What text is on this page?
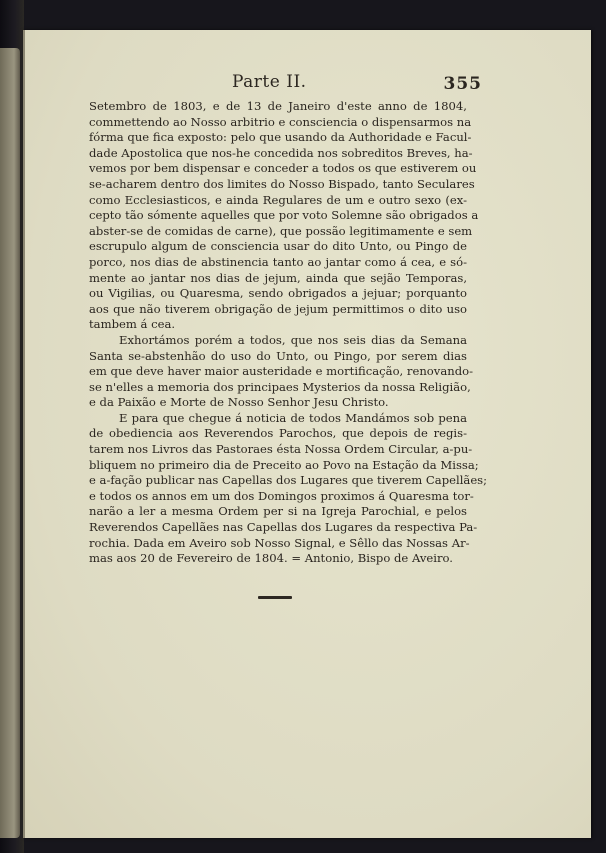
Parte II.	355
Setembro de 1803, e de 13 de Janeiro d'este anno de 1804,
commettendo ao Nosso arbitrio e consciencia o dispensarmos na
fórma que fica exposto: pelo que usando da Authoridade e Facul-
dade Apostolica que nos-he concedida nos sobreditos Breves, ha-
vemos por bem dispensar e conceder a todos os que estiverem ou
se-acharem dentro dos limites do Nosso Bispado, tanto Seculares
como Ecclesiasticos, e ainda Regulares de um e outro sexo (ex-
cepto tão sómente aquelles que por voto Solemne são obrigados a
abster-se de comidas de carne), que possão legitimamente e sem
escrupulo algum de consciencia usar do dito Unto, ou Pingo de
porco, nos dias de abstinencia tanto ao jantar como á cea, e só-
mente ao jantar nos dias de jejum, ainda que sejão Temporas,
ou Vigilias, ou Quaresma, sendo obrigados a jejuar; porquanto
aos que não tiverem obrigação de jejum permittimos o dito uso
tambem á cea.
Exhortámos porém a todos, que nos seis dias da Semana
Santa se-abstenhão do uso do Unto, ou Pingo, por serem dias
em que deve haver maior austeridade e mortificação, renovando-
se n'elles a memoria dos principaes Mysterios da nossa Religião,
e da Paixão e Morte de Nosso Senhor Jesu Christo.
E para que chegue á noticia de todos Mandámos sob pena
de obediencia aos Reverendos Parochos, que depois de regis-
tarem nos Livros das Pastoraes ésta Nossa Ordem Circular, a-pu-
bliquem no primeiro dia de Preceito ao Povo na Estação da Missa;
e a-fação publicar nas Capellas dos Lugares que tiverem Capellães;
e todos os annos em um dos Domingos proximos á Quaresma tor-
narão a ler a mesma Ordem per si na Igreja Parochial, e pelos
Reverendos Capellães nas Capellas dos Lugares da respectiva Pa-
rochia. Dada em Aveiro sob Nosso Signal, e Sêllo das Nossas Ar-
mas aos 20 de Fevereiro de 1804. = Antonio, Bispo de Aveiro.
